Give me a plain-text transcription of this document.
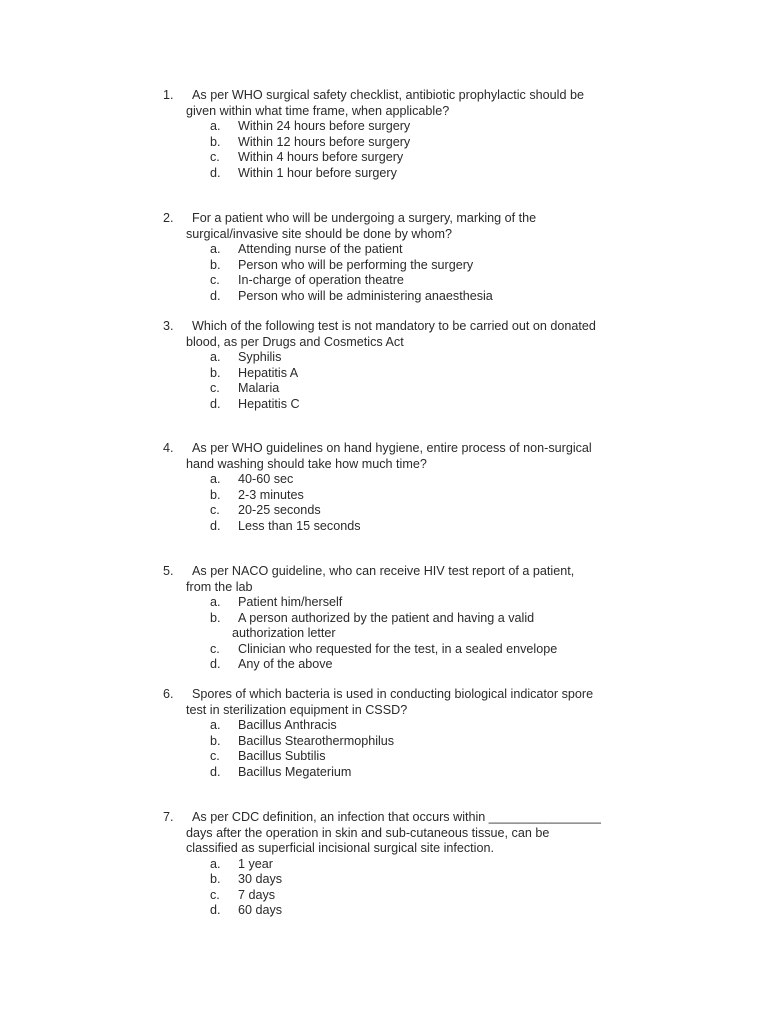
1. As per WHO surgical safety checklist, antibiotic prophylactic should be
given within what time frame, when applicable?
a. Within 24 hours before surgery
b. Within 12 hours before surgery
c. Within 4 hours before surgery
d. Within 1 hour before surgery
2. For a patient who will be undergoing a surgery, marking of the
surgical/invasive site should be done by whom?
a. Attending nurse of the patient
b. Person who will be performing the surgery
c. In-charge of operation theatre
d. Person who will be administering anaesthesia
3. Which of the following test is not mandatory to be carried out on donated
blood, as per Drugs and Cosmetics Act
a. Syphilis
b. Hepatitis A
c. Malaria
d. Hepatitis C
4. As per WHO guidelines on hand hygiene, entire process of non-surgical
hand washing should take how much time?
a. 40-60 sec
b. 2-3 minutes
c. 20-25 seconds
d. Less than 15 seconds
5. As per NACO guideline, who can receive HIV test report of a patient,
from the lab
a. Patient him/herself
b. A person authorized by the patient and having a valid
authorization letter
c. Clinician who requested for the test, in a sealed envelope
d. Any of the above
6. Spores of which bacteria is used in conducting biological indicator spore
test in sterilization equipment in CSSD?
a. Bacillus Anthracis
b. Bacillus Stearothermophilus
c. Bacillus Subtilis
d. Bacillus Megaterium
7. As per CDC definition, an infection that occurs within ________________
days after the operation in skin and sub-cutaneous tissue, can be
classified as superficial incisional surgical site infection.
a. 1 year
b. 30 days
c. 7 days
d. 60 days
